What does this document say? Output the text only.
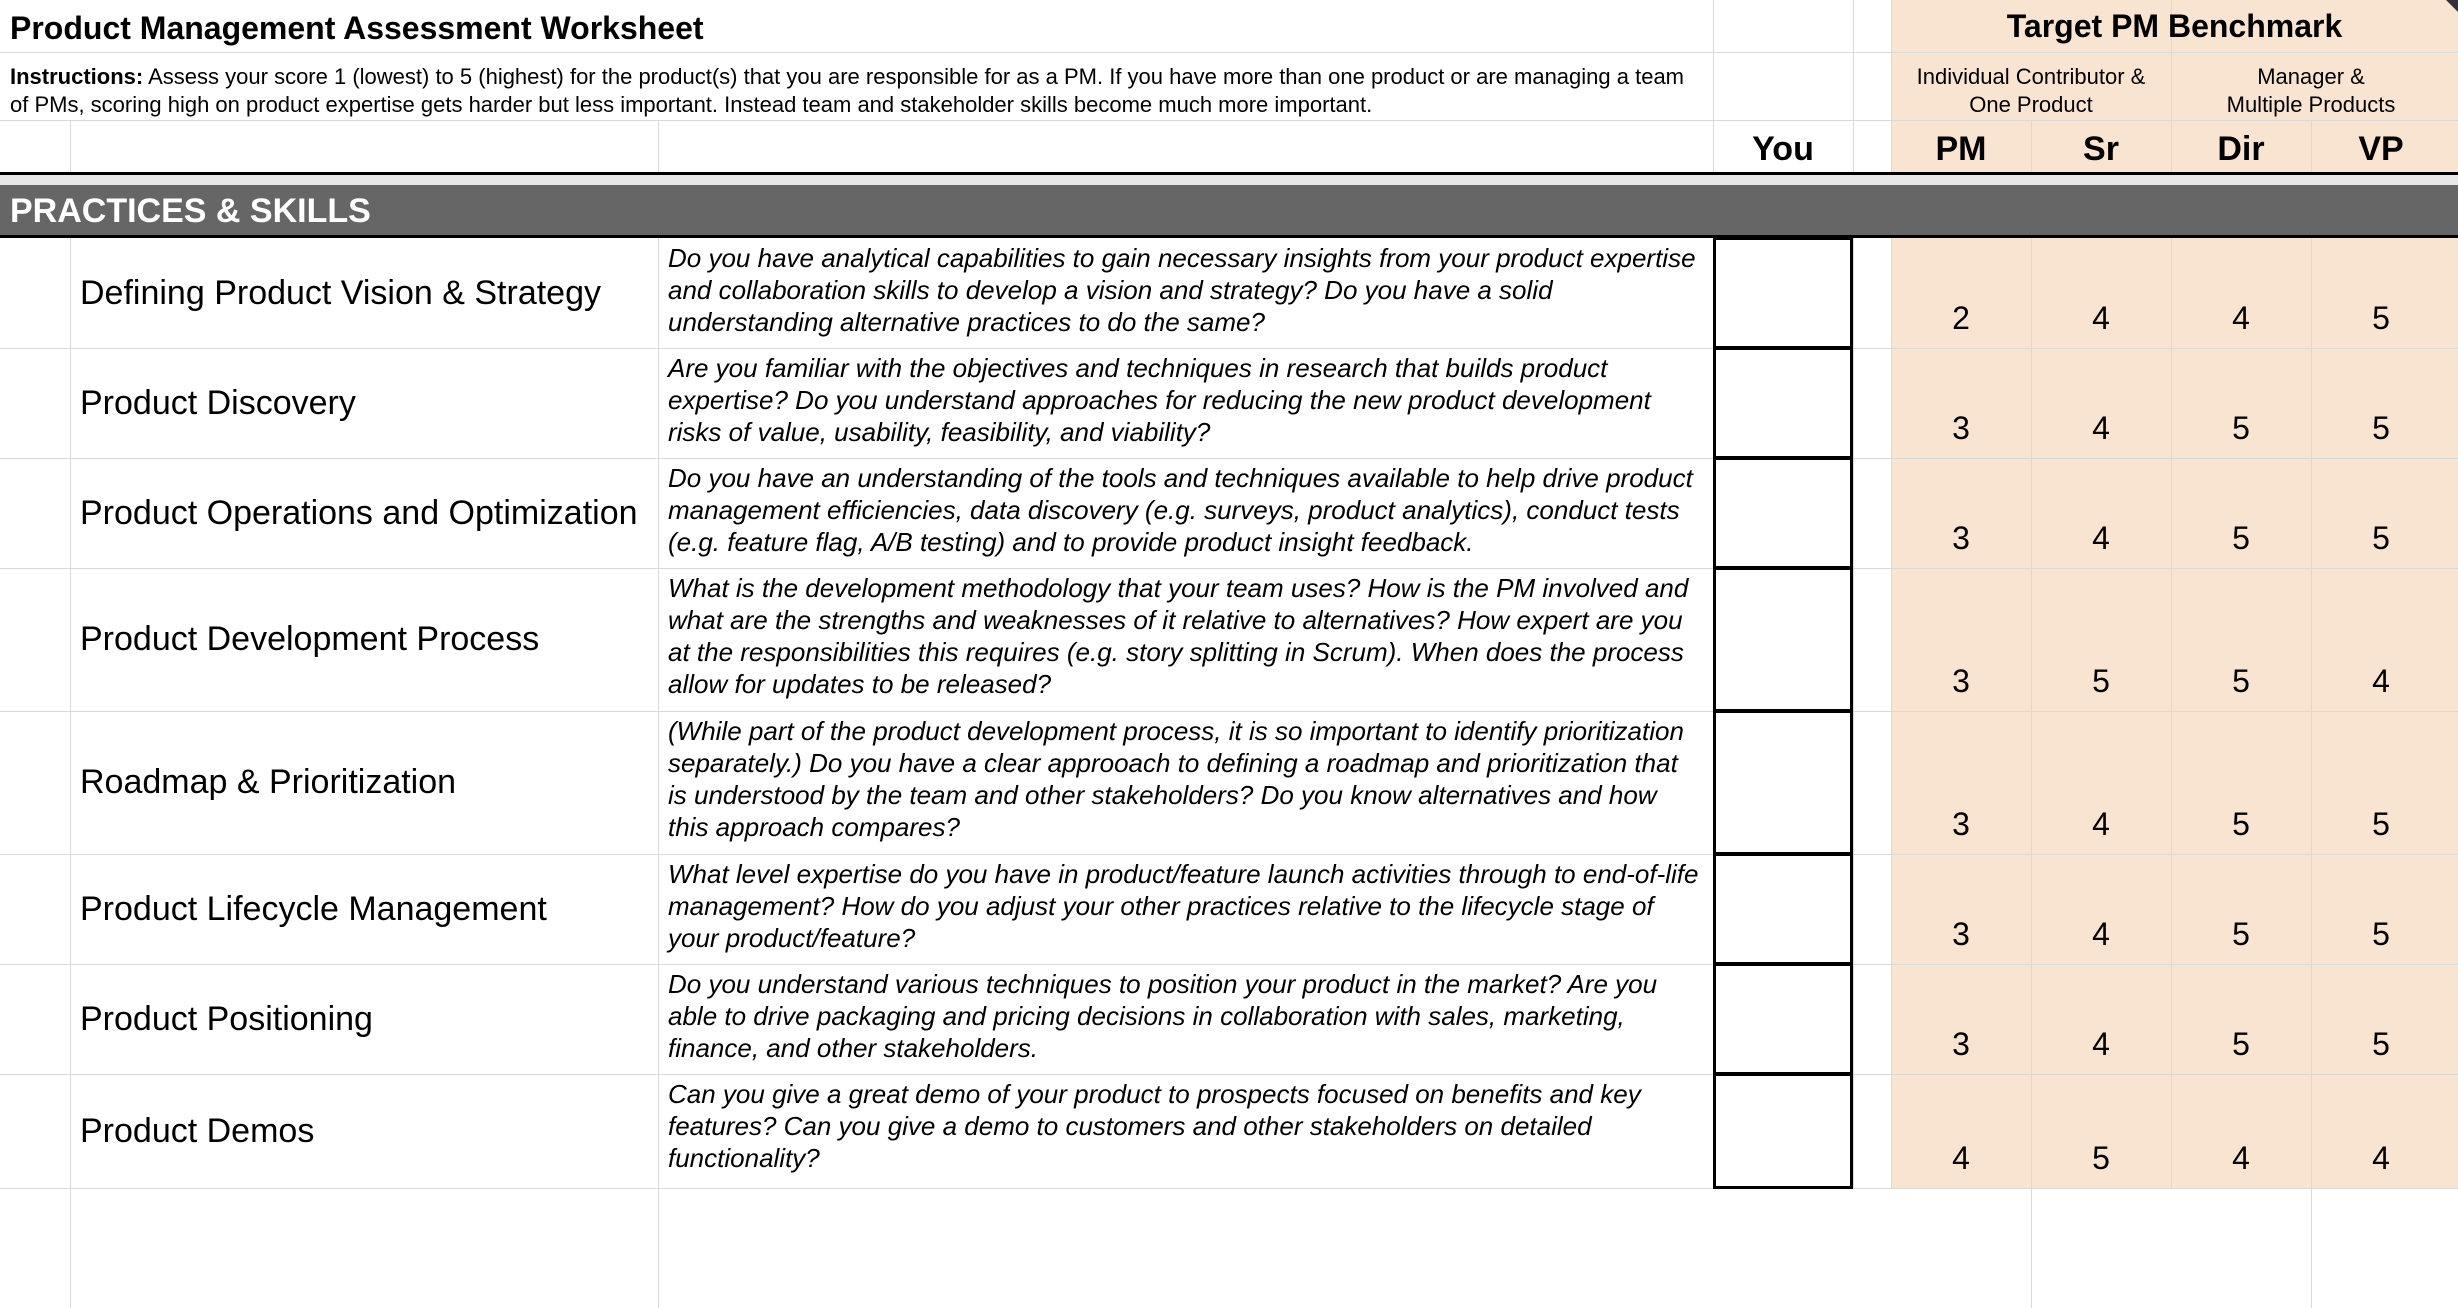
Product Management Assessment Worksheet
Instructions: Assess your score 1 (lowest) to 5 (highest) for the product(s) that you are responsible for as a PM. If you have more than one product or are managing a team of PMs, scoring high on product expertise gets harder but less important. Instead team and stakeholder skills become much more important.
Target PM Benchmark
Individual Contributor &
One Product
Manager &
Multiple Products
You	PM	Sr	Dir	VP
PRACTICES & SKILLS
Defining Product Vision & Strategy
Do you have analytical capabilities to gain necessary insights from your product expertise and collaboration skills to develop a vision and strategy? Do you have a solid understanding alternative practices to do the same?	2	4	4	5
Product Discovery
Are you familiar with the objectives and techniques in research that builds product expertise? Do you understand approaches for reducing the new product development risks of value, usability, feasibility, and viability?	3	4	5	5
Product Operations and Optimization
Do you have an understanding of the tools and techniques available to help drive product management efficiencies, data discovery (e.g. surveys, product analytics), conduct tests (e.g. feature flag, A/B testing) and to provide product insight feedback.	3	4	5	5
Product Development Process
What is the development methodology that your team uses? How is the PM involved and what are the strengths and weaknesses of it relative to alternatives? How expert are you at the responsibilities this requires (e.g. story splitting in Scrum). When does the process allow for updates to be released?	3	5	5	4
Roadmap & Prioritization
(While part of the product development process, it is so important to identify prioritization separately.) Do you have a clear approoach to defining a roadmap and prioritization that is understood by the team and other stakeholders? Do you know alternatives and how this approach compares?	3	4	5	5
Product Lifecycle Management
What level expertise do you have in product/feature launch activities through to end-of-life management? How do you adjust your other practices relative to the lifecycle stage of your product/feature?	3	4	5	5
Product Positioning
Do you understand various techniques to position your product in the market? Are you able to drive packaging and pricing decisions in collaboration with sales, marketing, finance, and other stakeholders.	3	4	5	5
Product Demos
Can you give a great demo of your product to prospects focused on benefits and key features? Can you give a demo to customers and other stakeholders on detailed functionality?	4	5	4	4
